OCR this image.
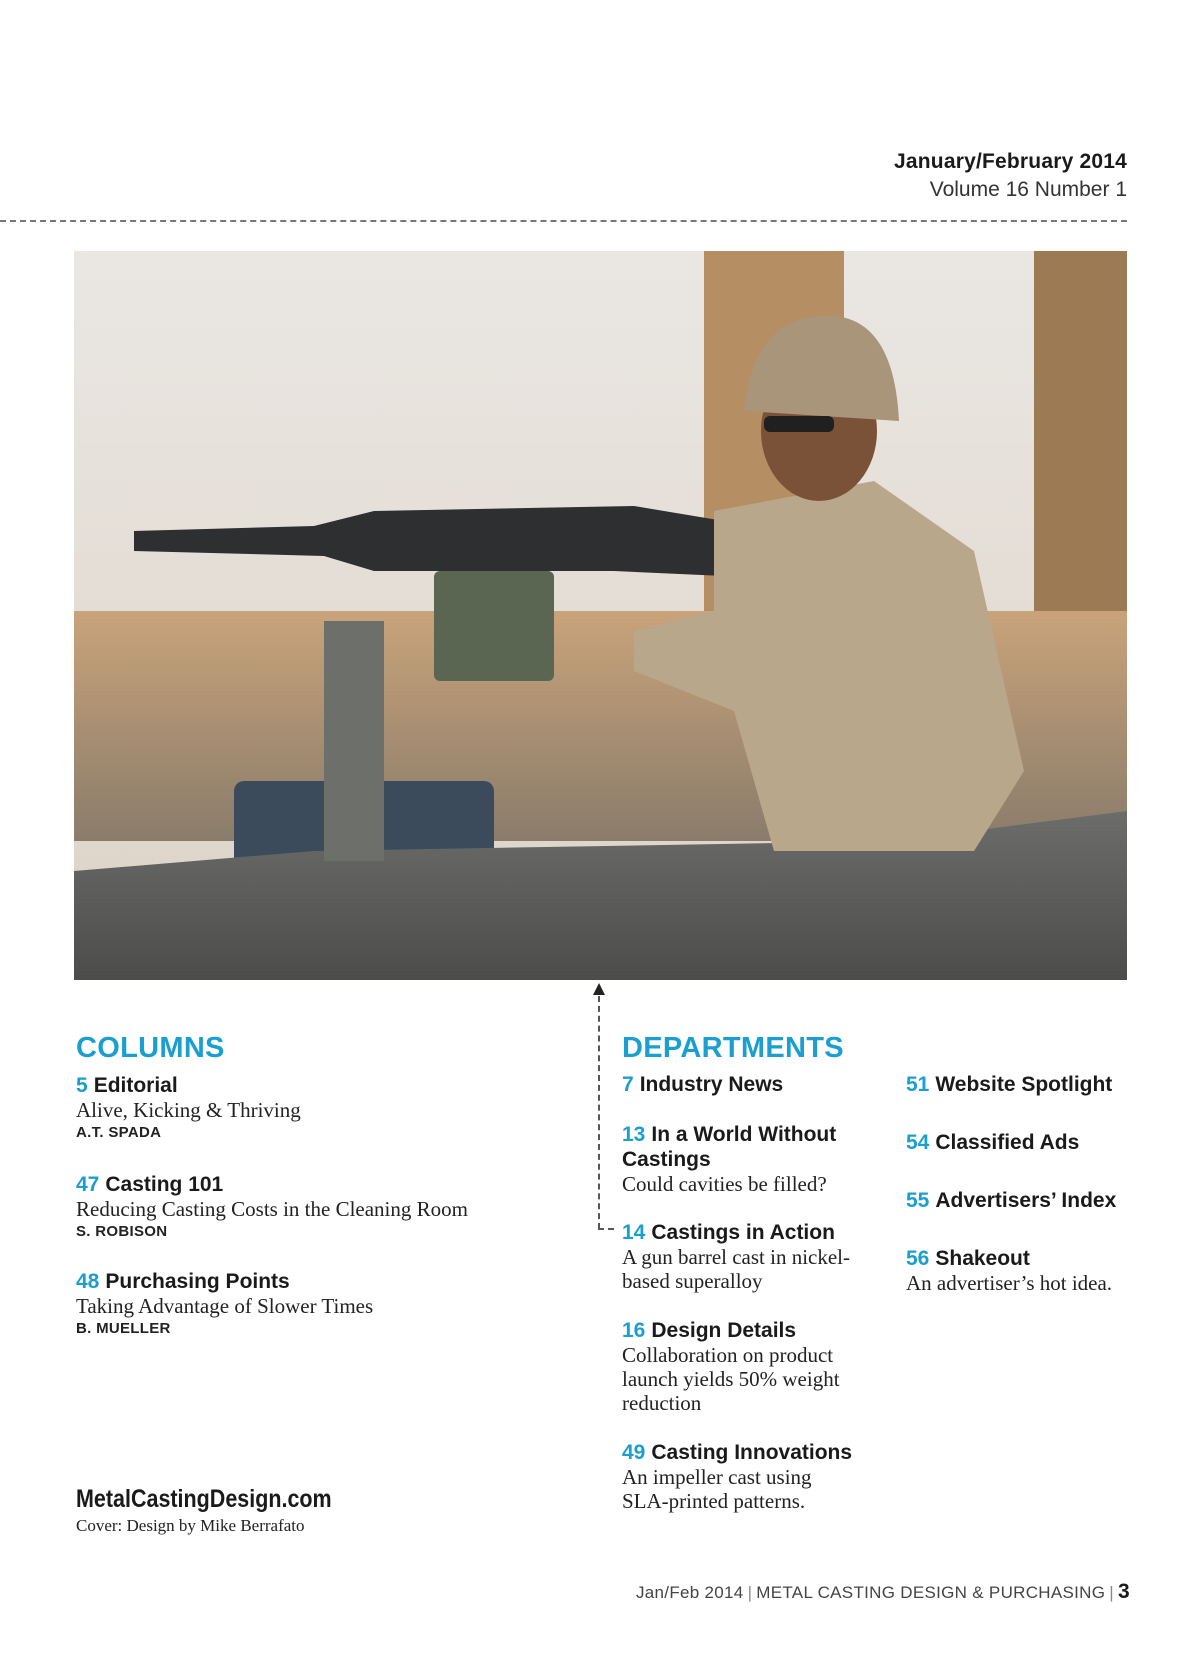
January/February 2014
Volume 16 Number 1
COLUMNS
5 Editorial
Alive, Kicking & Thriving
A.T. SPADA
47 Casting 101
Reducing Casting Costs in the Cleaning Room
S. ROBISON
48 Purchasing Points
Taking Advantage of Slower Times
B. MUELLER
DEPARTMENTS
7 Industry News
13 In a World Without Castings
Could cavities be filled?
14 Castings in Action
A gun barrel cast in nickel-based superalloy
16 Design Details
Collaboration on product launch yields 50% weight reduction
49 Casting Innovations
An impeller cast using SLA-printed patterns.
51 Website Spotlight
54 Classified Ads
55 Advertisers’ Index
56 Shakeout
An advertiser’s hot idea.
MetalCastingDesign.com
Cover: Design by Mike Berrafato
Jan/Feb 2014 | METAL CASTING DESIGN & PURCHASING | 3
